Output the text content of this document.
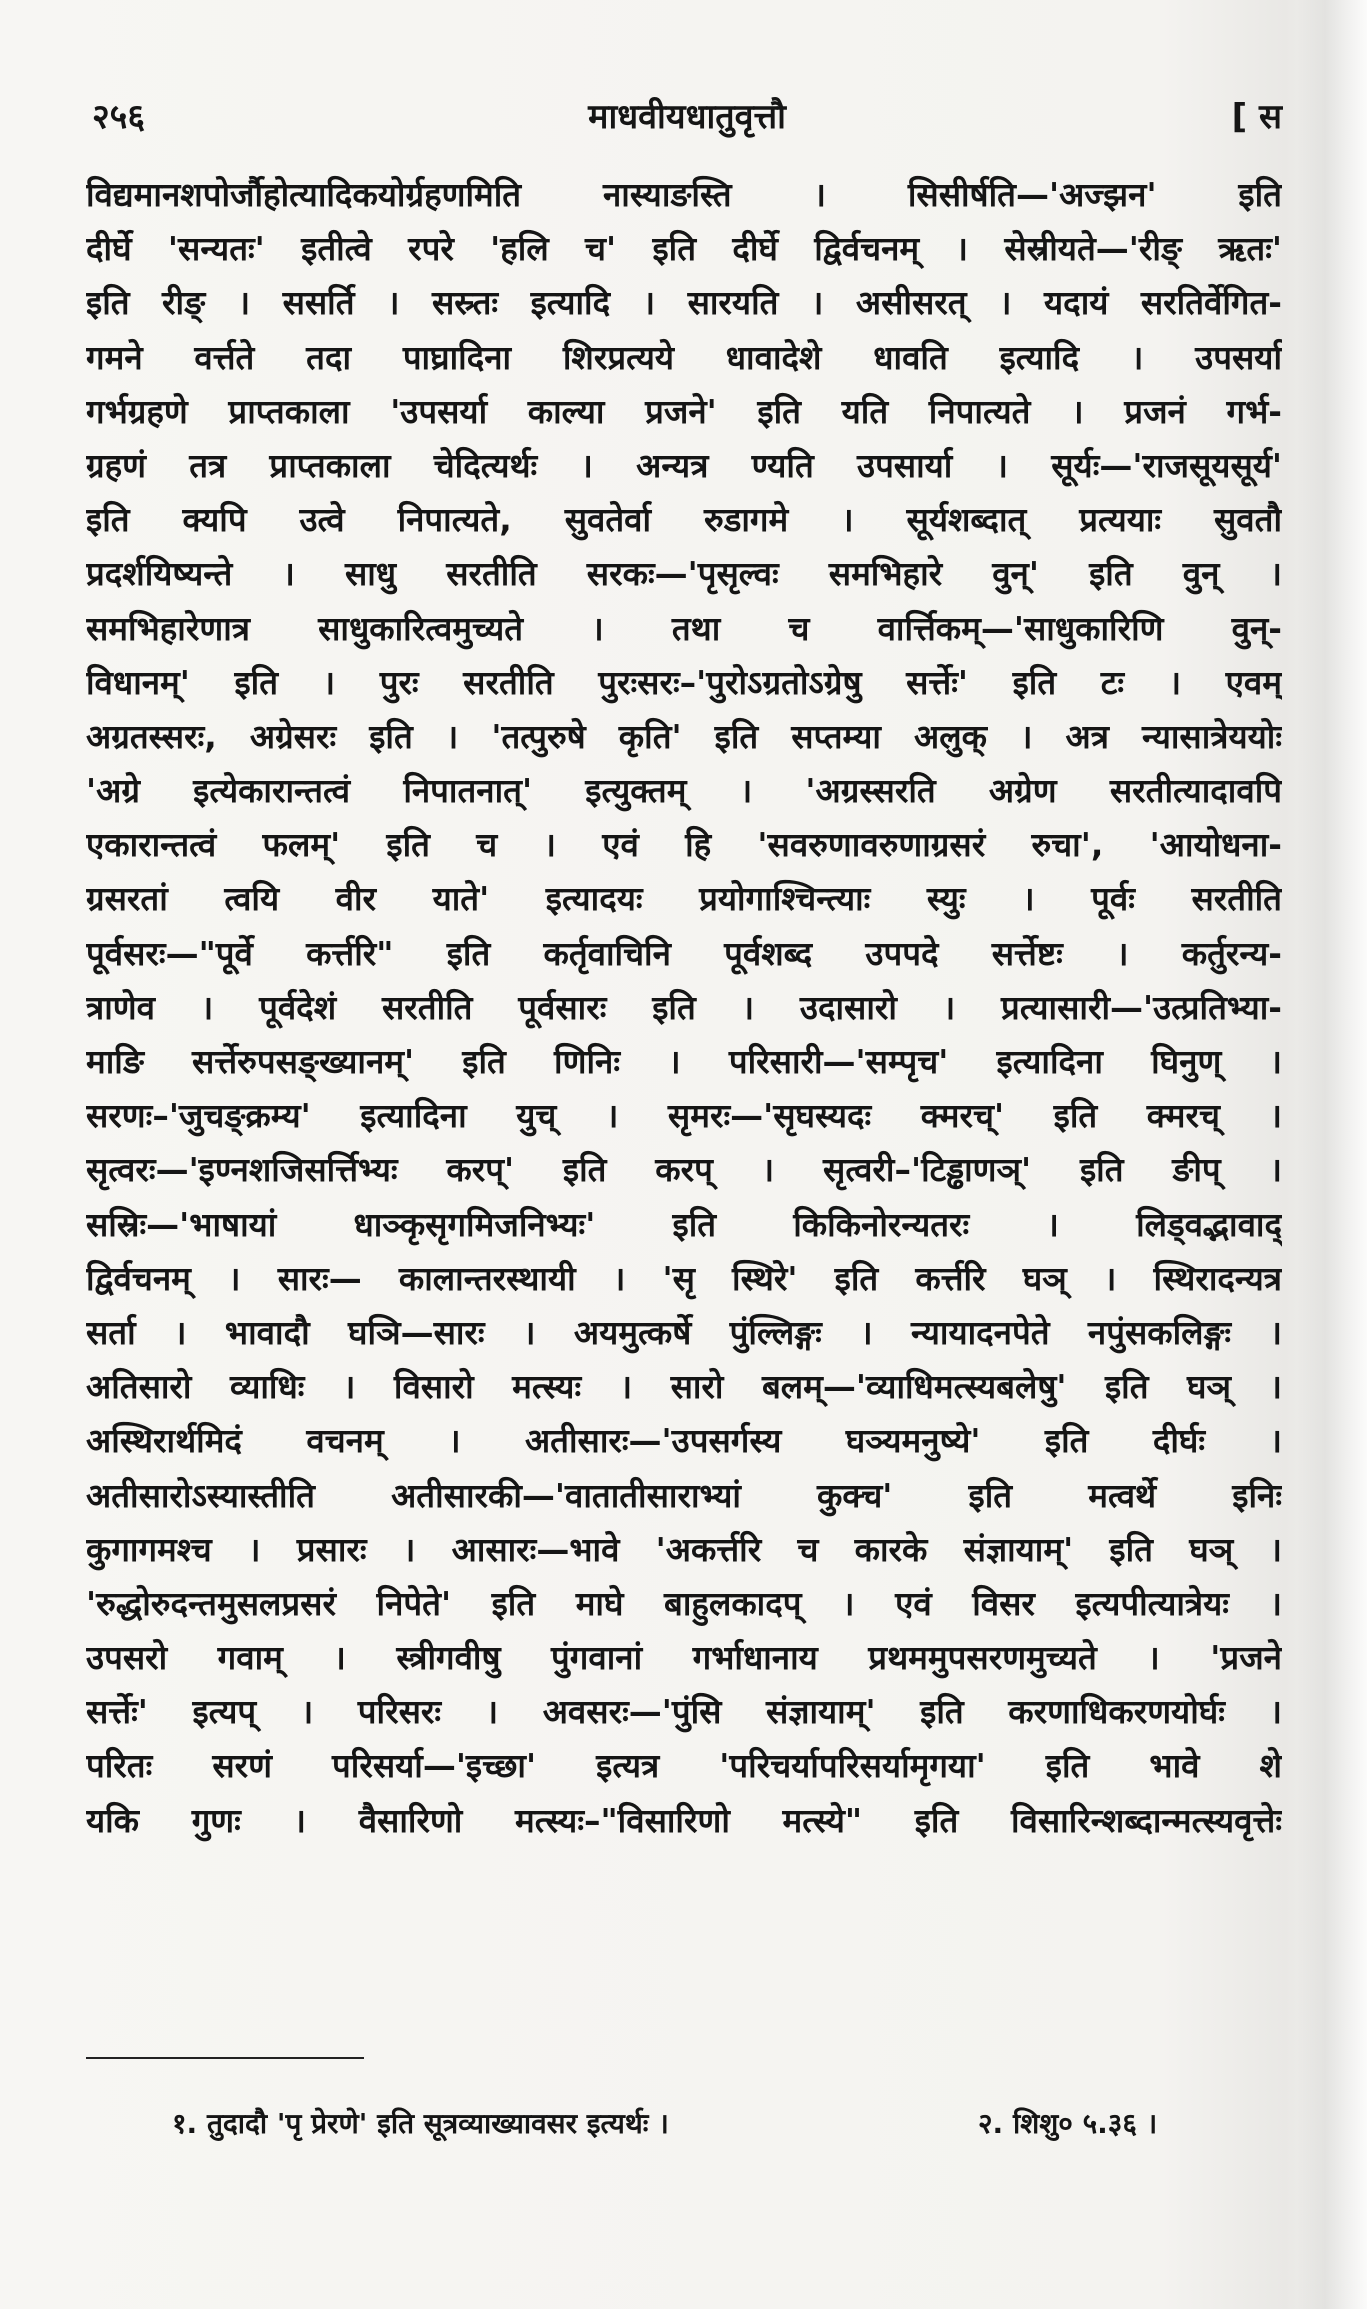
२५६	माधवीयधातुवृत्तौ	[ स
विद्यमानशपोर्जौहोत्यादिकयोर्ग्रहणमिति नास्याङस्ति । सिसीर्षति—'अज्झन' इति
दीर्घे 'सन्यतः' इतीत्वे रपरे 'हलि च' इति दीर्घे द्विर्वचनम् । सेस्रीयते—'रीङ् ऋतः'
इति रीङ् । ससर्ति । सस्र्तः इत्यादि । सारयति । असीसरत् । यदायं सरतिर्वेगित-
गमने वर्त्तते तदा पाघ्रादिना शिरप्रत्यये धावादेशे धावति इत्यादि । उपसर्या
गर्भग्रहणे प्राप्तकाला 'उपसर्या काल्या प्रजने' इति यति निपात्यते । प्रजनं गर्भ-
ग्रहणं तत्र प्राप्तकाला चेदित्यर्थः । अन्यत्र ण्यति उपसार्या । सूर्यः—'राजसूयसूर्य'
इति क्यपि उत्वे निपात्यते, सुवतेर्वा रुडागमे । सूर्यशब्दात् प्रत्ययाः सुवतौ
प्रदर्शयिष्यन्ते । साधु सरतीति सरकः—'पृसृल्वः समभिहारे वुन्' इति वुन् ।
समभिहारेणात्र साधुकारित्वमुच्यते । तथा च वार्त्तिकम्—'साधुकारिणि वुन्-
विधानम्' इति । पुरः सरतीति पुरःसरः–'पुरोऽग्रतोऽग्रेषु सर्त्तेः' इति टः । एवम्
अग्रतस्सरः, अग्रेसरः इति । 'तत्पुरुषे कृति' इति सप्तम्या अलुक् । अत्र न्यासात्रेययोः
'अग्रे इत्येकारान्तत्वं निपातनात्' इत्युक्तम् । 'अग्रस्सरति अग्रेण सरतीत्यादावपि
एकारान्तत्वं फलम्' इति च । एवं हि 'सवरुणावरुणाग्रसरं रुचा', 'आयोधना-
ग्रसरतां त्वयि वीर याते' इत्यादयः प्रयोगाश्चिन्त्याः स्युः । पूर्वः सरतीति
पूर्वसरः—"पूर्वे कर्त्तरि" इति कर्तृवाचिनि पूर्वशब्द उपपदे सर्त्तेष्टः । कर्तुरन्य-
त्राणेव । पूर्वदेशं सरतीति पूर्वसारः इति । उदासारो । प्रत्यासारी—'उत्प्रतिभ्या-
माङि सर्त्तेरुपसङ्ख्यानम्' इति णिनिः । परिसारी—'सम्पृच' इत्यादिना घिनुण् ।
सरणः–'जुचङ्क्रम्य' इत्यादिना युच् । सृमरः—'सृघस्यदः क्मरच्' इति क्मरच् ।
सृत्वरः—'इण्नशजिसर्त्तिभ्यः करप्' इति करप् । सृत्वरी–'टिड्ढाणञ्' इति ङीप् ।
सस्रिः—'भाषायां धाञ्कृसृगमिजनिभ्यः' इति किकिनोरन्यतरः । लिड्वद्भावाद्
द्विर्वचनम् । सारः— कालान्तरस्थायी । 'सृ स्थिरे' इति कर्त्तरि घञ् । स्थिरादन्यत्र
सर्ता । भावादौ घञि—सारः । अयमुत्कर्षे पुंल्लिङ्गः । न्यायादनपेते नपुंसकलिङ्गः ।
अतिसारो व्याधिः । विसारो मत्स्यः । सारो बलम्—'व्याधिमत्स्यबलेषु' इति घञ् ।
अस्थिरार्थमिदं वचनम् । अतीसारः—'उपसर्गस्य घञ्यमनुष्ये' इति दीर्घः ।
अतीसारोऽस्यास्तीति अतीसारकी—'वातातीसाराभ्यां कुक्च' इति मत्वर्थे इनिः
कुगागमश्च । प्रसारः । आसारः—भावे 'अकर्त्तरि च कारके संज्ञायाम्' इति घञ् ।
'रुद्धोरुदन्तमुसलप्रसरं निपेते' इति माघे बाहुलकादप् । एवं विसर इत्यपीत्यात्रेयः ।
उपसरो गवाम् । स्त्रीगवीषु पुंगवानां गर्भाधानाय प्रथममुपसरणमुच्यते । 'प्रजने
सर्त्तेः' इत्यप् । परिसरः । अवसरः—'पुंसि संज्ञायाम्' इति करणाधिकरणयोर्घः ।
परितः सरणं परिसर्या—'इच्छा' इत्यत्र 'परिचर्यापरिसर्यामृगया' इति भावे शे
यकि गुणः । वैसारिणो मत्स्यः–"विसारिणो मत्स्ये" इति विसारिन्शब्दान्मत्स्यवृत्तेः
१. तुदादौ 'पृ प्रेरणे' इति सूत्रव्याख्यावसर इत्यर्थः ।	२. शिशु० ५.३६ ।
